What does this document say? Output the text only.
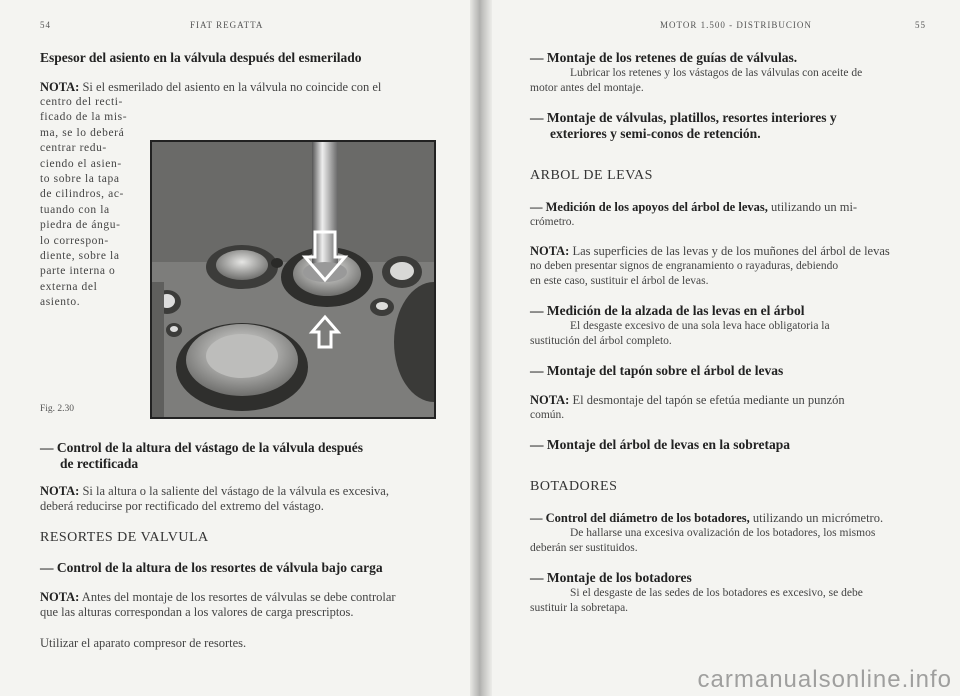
54	FIAT REGATTA

Espesor del asiento en la válvula después del esmerilado

NOTA: Si el esmerilado del asiento en la válvula no coincide con el

centro del recti-
ficado de la mis-
ma, se lo deberá
centrar redu-
ciendo el asien-
to sobre la tapa
de cilindros, ac-
tuando con la
piedra de ángu-
lo correspon-
diente, sobre la
parte interna o
externa del
asiento.
Fig. 2.30

— Control de la altura del vástago de la válvula después

de rectificada

NOTA: Si la altura o la saliente del vástago de la válvula es excesiva,

deberá reducirse por rectificado del extremo del vástago.

RESORTES DE VALVULA

— Control de la altura de los resortes de válvula bajo carga

NOTA: Antes del montaje de los resortes de válvulas se debe controlar

que las alturas correspondan a los valores de carga prescriptos.

Utilizar el aparato compresor de resortes.

MOTOR 1.500 - DISTRIBUCION	55

— Montaje de los retenes de guías de válvulas.

Lubricar los retenes y los vástagos de las válvulas con aceite de

motor antes del montaje.

— Montaje de válvulas, platillos, resortes interiores y

exteriores y semi-conos de retención.

ARBOL DE LEVAS

— Medición de los apoyos del árbol de levas, utilizando un mi-

crómetro.

NOTA: Las superficies de las levas y de los muñones del árbol de levas

no deben presentar signos de engranamiento o rayaduras, debiendo

en este caso, sustituir el árbol de levas.

— Medición de la alzada de las levas en el árbol

El desgaste excesivo de una sola leva hace obligatoria la

sustitución del árbol completo.

— Montaje del tapón sobre el árbol de levas

NOTA: El desmontaje del tapón se efetúa mediante un punzón

común.

— Montaje del árbol de levas en la sobretapa

BOTADORES

— Control del diámetro de los botadores, utilizando un micrómetro.

De hallarse una excesiva ovalización de los botadores, los mismos

deberán ser sustituidos.

— Montaje de los botadores

Si el desgaste de las sedes de los botadores es excesivo, se debe

sustituir la sobretapa.

carmanualsonline.info
